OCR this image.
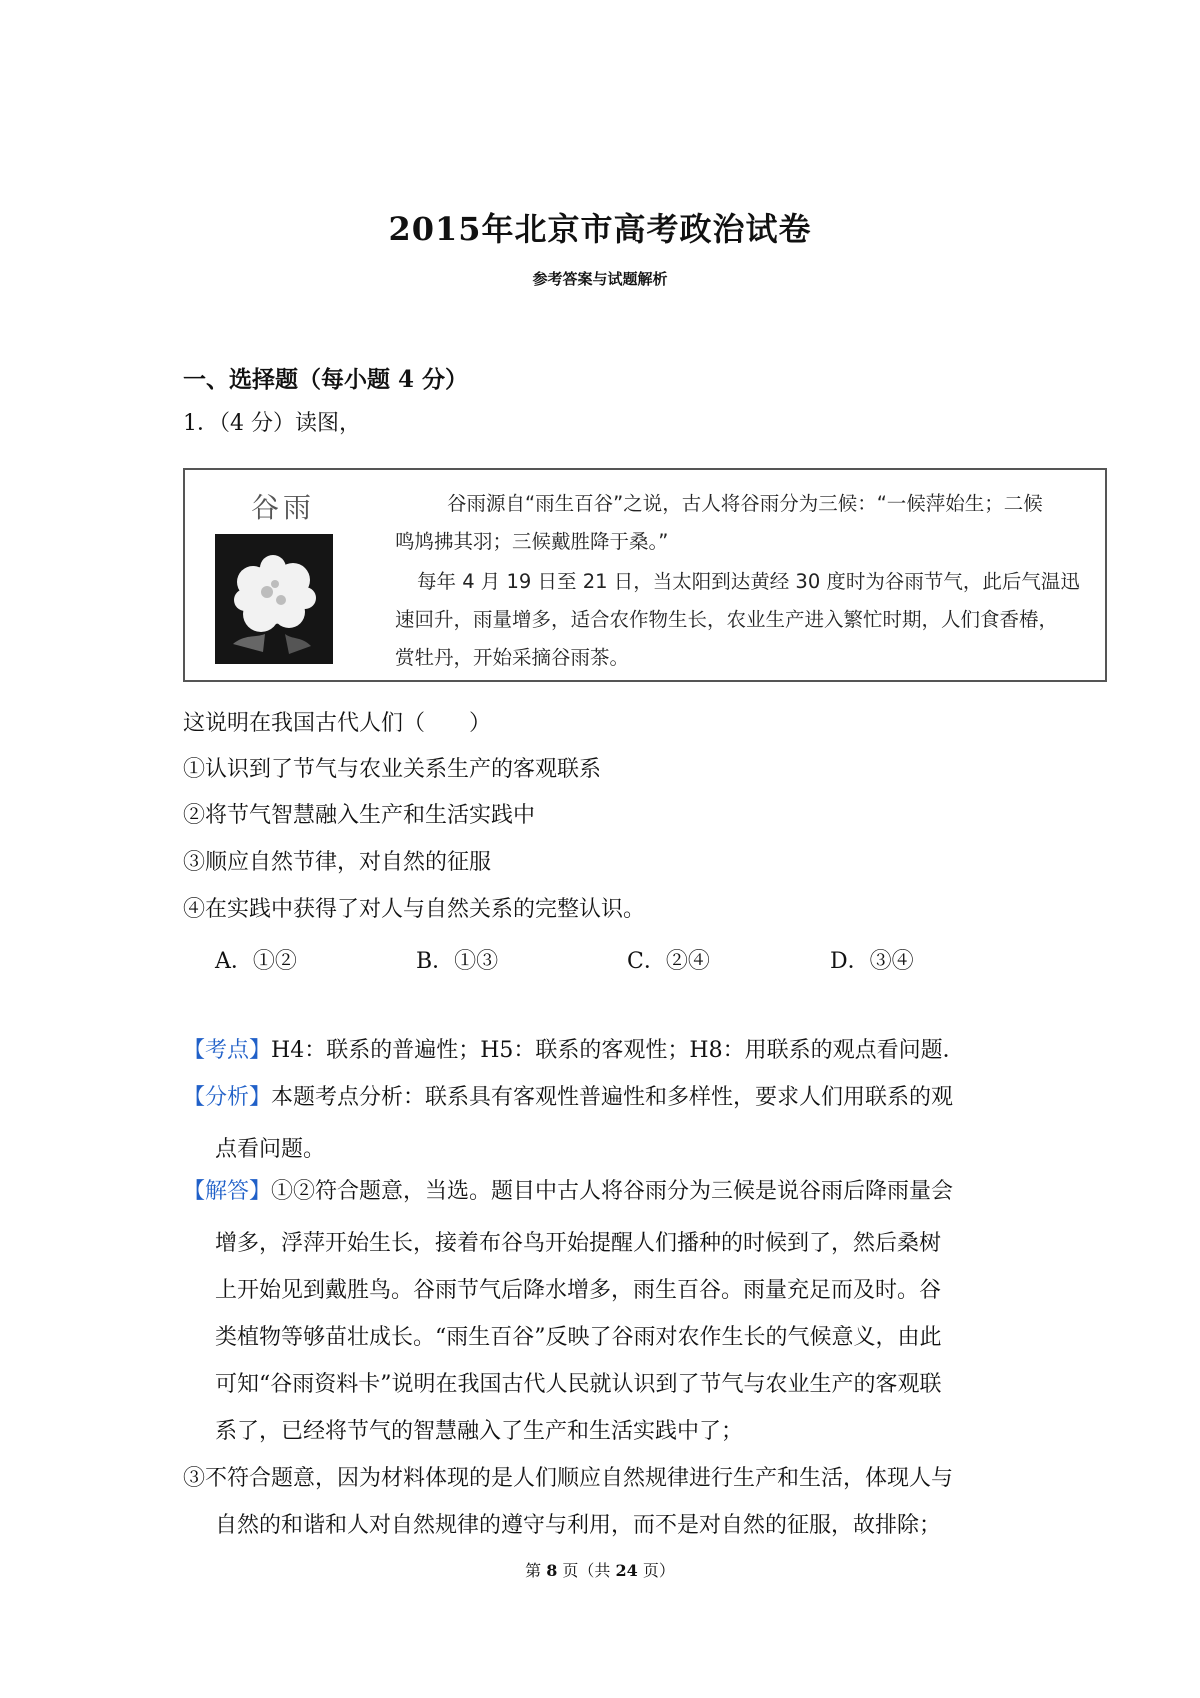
2015年北京市高考政治试卷
参考答案与试题解析
一、选择题（每小题 4 分）
1．（4 分）读图，
谷雨	谷雨源自“雨生百谷”之说，古人将谷雨分为三候：“一候萍始生；二候
鸣鸠拂其羽；三候戴胜降于桑。”
每年 4 月 19 日至 21 日，当太阳到达黄经 30 度时为谷雨节气，此后气温迅
速回升，雨量增多，适合农作物生长，农业生产进入繁忙时期，人们食香椿，
赏牡丹，开始采摘谷雨茶。
这说明在我国古代人们（　　）
①认识到了节气与农业关系生产的客观联系
②将节气智慧融入生产和生活实践中
③顺应自然节律，对自然的征服
④在实践中获得了对人与自然关系的完整认识。
A．①②	B．①③	C．②④	D．③④
【考点】H4：联系的普遍性；H5：联系的客观性；H8：用联系的观点看问题．
【分析】本题考点分析：联系具有客观性普遍性和多样性，要求人们用联系的观
点看问题。
【解答】①②符合题意，当选。题目中古人将谷雨分为三候是说谷雨后降雨量会
增多，浮萍开始生长，接着布谷鸟开始提醒人们播种的时候到了，然后桑树
上开始见到戴胜鸟。谷雨节气后降水增多，雨生百谷。雨量充足而及时。谷
类植物等够苗壮成长。“雨生百谷”反映了谷雨对农作生长的气候意义，由此
可知“谷雨资料卡”说明在我国古代人民就认识到了节气与农业生产的客观联
系了，已经将节气的智慧融入了生产和生活实践中了；
③不符合题意，因为材料体现的是人们顺应自然规律进行生产和生活，体现人与
自然的和谐和人对自然规律的遵守与利用，而不是对自然的征服，故排除；
第 8 页（共 24 页）
